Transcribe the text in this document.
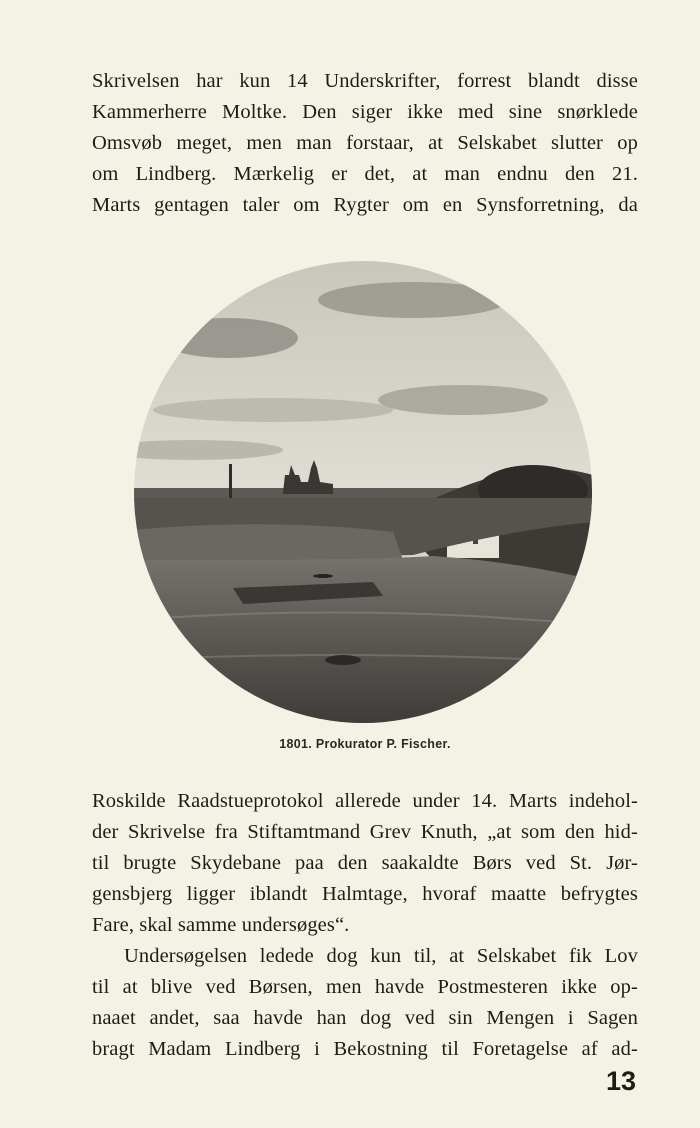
Skrivelsen har kun 14 Underskrifter, forrest blandt disse
Kammerherre Moltke. Den siger ikke med sine snørklede
Omsvøb meget, men man forstaar, at Selskabet slutter op
om Lindberg. Mærkelig er det, at man endnu den 21.
Marts gentagen taler om Rygter om en Synsforretning, da
1801. Prokurator P. Fischer.
Roskilde Raadstueprotokol allerede under 14. Marts indehol-
der Skrivelse fra Stiftamtmand Grev Knuth, „at som den hid-
til brugte Skydebane paa den saakaldte Børs ved St. Jør-
gensbjerg ligger iblandt Halmtage, hvoraf maatte befrygtes
Fare, skal samme undersøges“.
Undersøgelsen ledede dog kun til, at Selskabet fik Lov
til at blive ved Børsen, men havde Postmesteren ikke op-
naaet andet, saa havde han dog ved sin Mengen i Sagen
bragt Madam Lindberg i Bekostning til Foretagelse af ad-
13
